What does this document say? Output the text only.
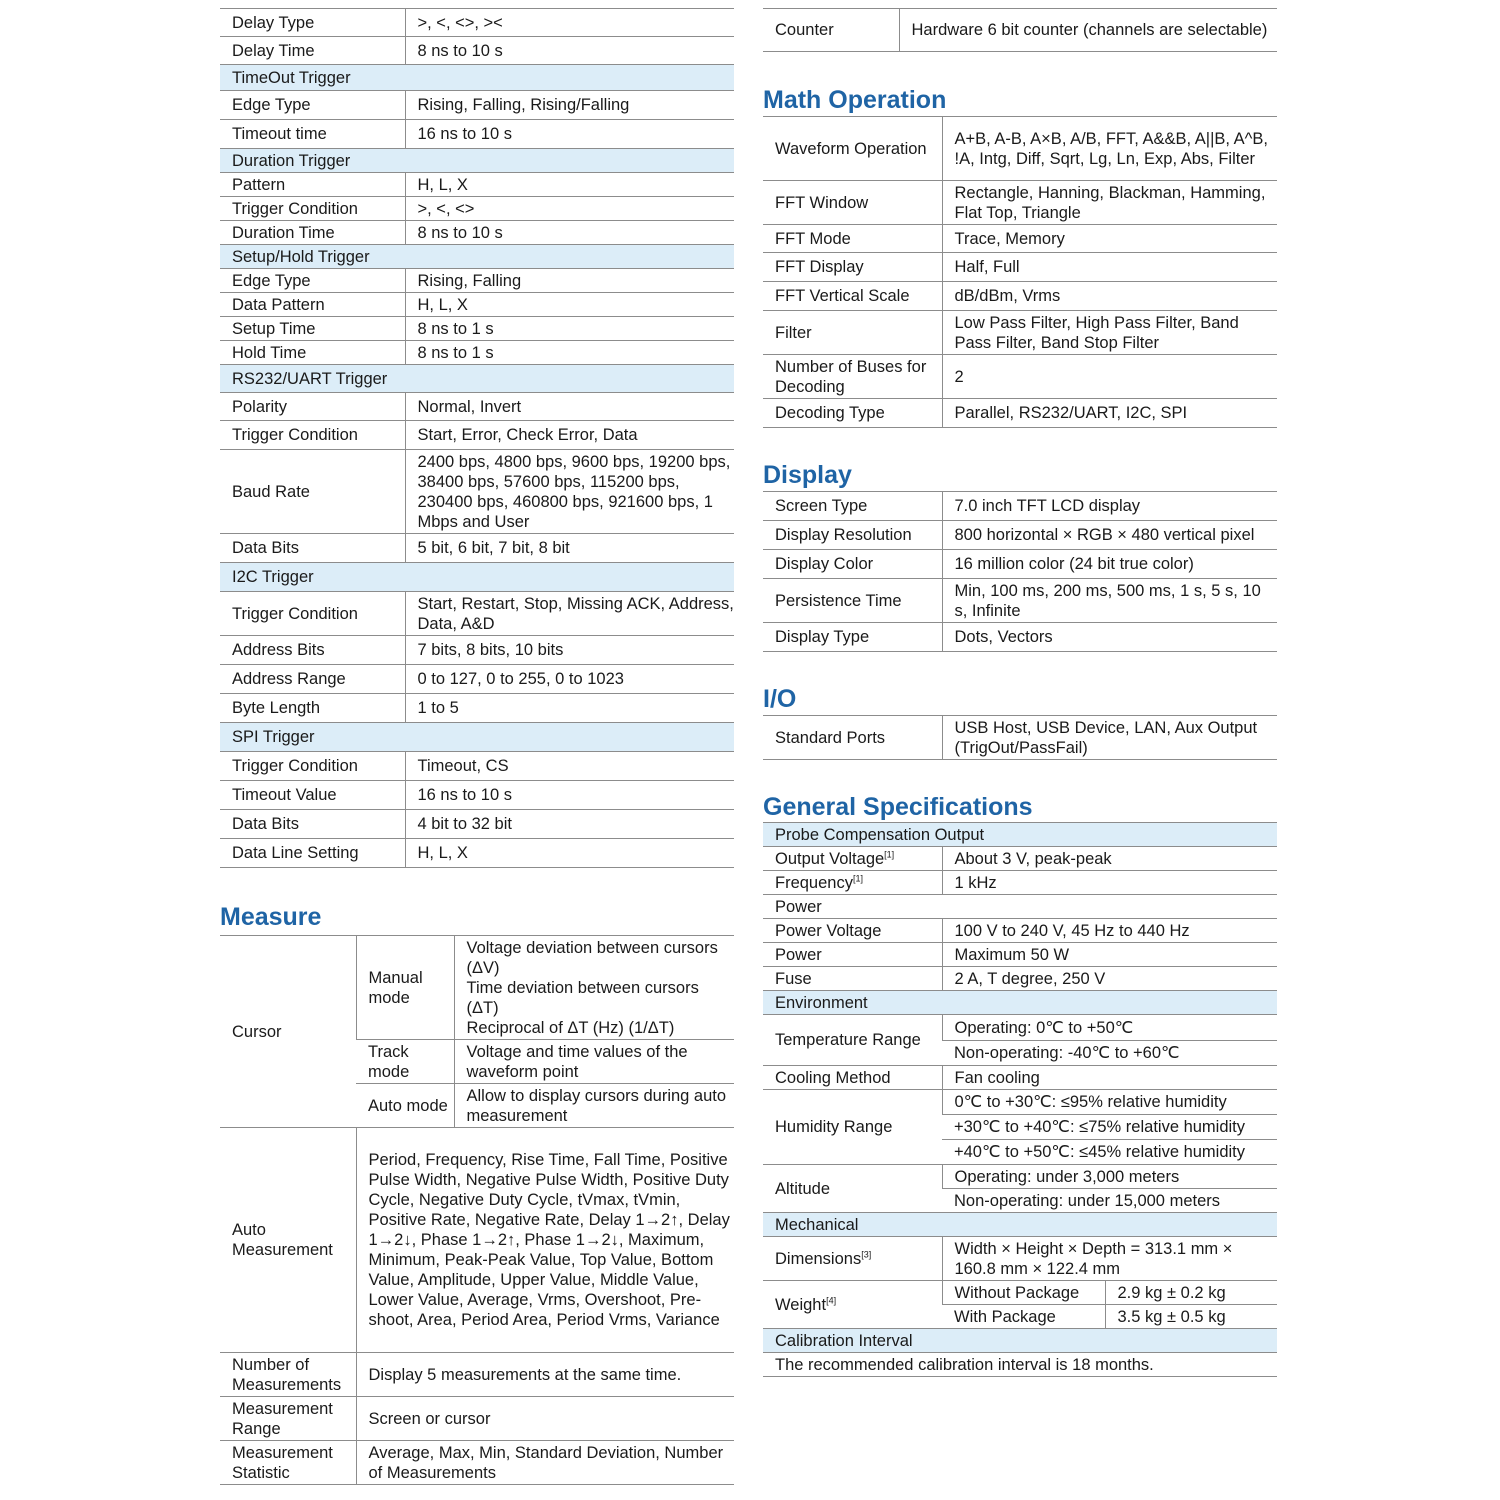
Delay Type	>, <, <>, ><
Delay Time	8 ns to 10 s
TimeOut Trigger	
Edge Type	Rising, Falling, Rising/Falling
Timeout time	16 ns to 10 s
Duration Trigger	
Pattern	H, L, X
Trigger Condition	>, <, <>
Duration Time	8 ns to 10 s
Setup/Hold Trigger	
Edge Type	Rising, Falling
Data Pattern	H, L, X
Setup Time	8 ns to 1 s
Hold Time	8 ns to 1 s
RS232/UART Trigger	
Polarity	Normal, Invert
Trigger Condition	Start, Error, Check Error, Data
Baud Rate	2400 bps, 4800 bps, 9600 bps, 19200 bps, 38400 bps, 57600 bps, 115200 bps, 230400 bps, 460800 bps, 921600 bps, 1 Mbps and User
Data Bits	5 bit, 6 bit, 7 bit, 8 bit
I2C Trigger	
Trigger Condition	Start, Restart, Stop, Missing ACK, Address, Data, A&D
Address Bits	7 bits, 8 bits, 10 bits
Address Range	0 to 127, 0 to 255, 0 to 1023
Byte Length	1 to 5
SPI Trigger	
Trigger Condition	Timeout, CS
Timeout Value	16 ns to 10 s
Data Bits	4 bit to 32 bit
Data Line Setting	H, L, X
Measure
Cursor	Manual mode	Voltage deviation between cursors (ΔV)
Time deviation between cursors (ΔT)
Reciprocal of ΔT (Hz) (1/ΔT)

	Track mode	Voltage and time values of the waveform point

	Auto mode	Allow to display cursors during auto measurement

Auto Measurement	Period, Frequency, Rise Time, Fall Time, Positive Pulse Width, Negative Pulse Width, Positive Duty Cycle, Negative Duty Cycle, tVmax, tVmin, Positive Rate, Negative Rate, Delay 1→2↑, Delay 1→2↓, Phase 1→2↑, Phase 1→2↓, Maximum, Minimum, Peak-Peak Value, Top Value, Bottom Value, Amplitude, Upper Value, Middle Value, Lower Value, Average, Vrms, Overshoot, Pre-shoot, Area, Period Area, Period Vrms, Variance	
Number of Measurements	Display 5 measurements at the same time.	
Measurement Range	Screen or cursor	
Measurement Statistic	Average, Max, Min, Standard Deviation, Number of Measurements	
Counter	Hardware 6 bit counter (channels are selectable)
Math Operation
Waveform Operation	A+B, A-B, A×B, A/B, FFT, A&&B, A||B, A^B, !A, Intg, Diff, Sqrt, Lg, Ln, Exp, Abs, Filter
FFT Window	Rectangle, Hanning, Blackman, Hamming, Flat Top, Triangle
FFT Mode	Trace, Memory
FFT Display	Half, Full
FFT Vertical Scale	dB/dBm, Vrms
Filter	Low Pass Filter, High Pass Filter, Band Pass Filter, Band Stop Filter
Number of Buses for Decoding	2
Decoding Type	Parallel, RS232/UART, I2C, SPI
Display
Screen Type	7.0 inch TFT LCD display
Display Resolution	800 horizontal × RGB × 480 vertical pixel
Display Color	16 million color (24 bit true color)
Persistence Time	Min, 100 ms, 200 ms, 500 ms, 1 s, 5 s, 10 s, Infinite
Display Type	Dots, Vectors
I/O
Standard Ports	USB Host, USB Device, LAN, Aux Output (TrigOut/PassFail)
General Specifications
Probe Compensation Output		
Output Voltage[1]	About 3 V, peak-peak	
Frequency[1]	1 kHz	
Power		
Power Voltage	100 V to 240 V, 45 Hz to 440 Hz	
Power	Maximum 50 W	
Fuse	2 A, T degree, 250 V	
Environment		
Temperature Range	Operating: 0℃ to +50℃	
	Non-operating: -40℃ to +60℃	
Cooling Method	Fan cooling	
Humidity Range	0℃ to +30℃: ≤95% relative humidity	
	+30℃ to +40℃: ≤75% relative humidity	
	+40℃ to +50℃: ≤45% relative humidity	
Altitude	Operating: under 3,000 meters	
	Non-operating: under 15,000 meters	
Mechanical		
Dimensions[3]	Width × Height × Depth = 313.1 mm × 160.8 mm × 122.4 mm	
Weight[4]	Without Package	2.9 kg ± 0.2 kg
	With Package	3.5 kg ± 0.5 kg
Calibration Interval		
The recommended calibration interval is 18 months.		
